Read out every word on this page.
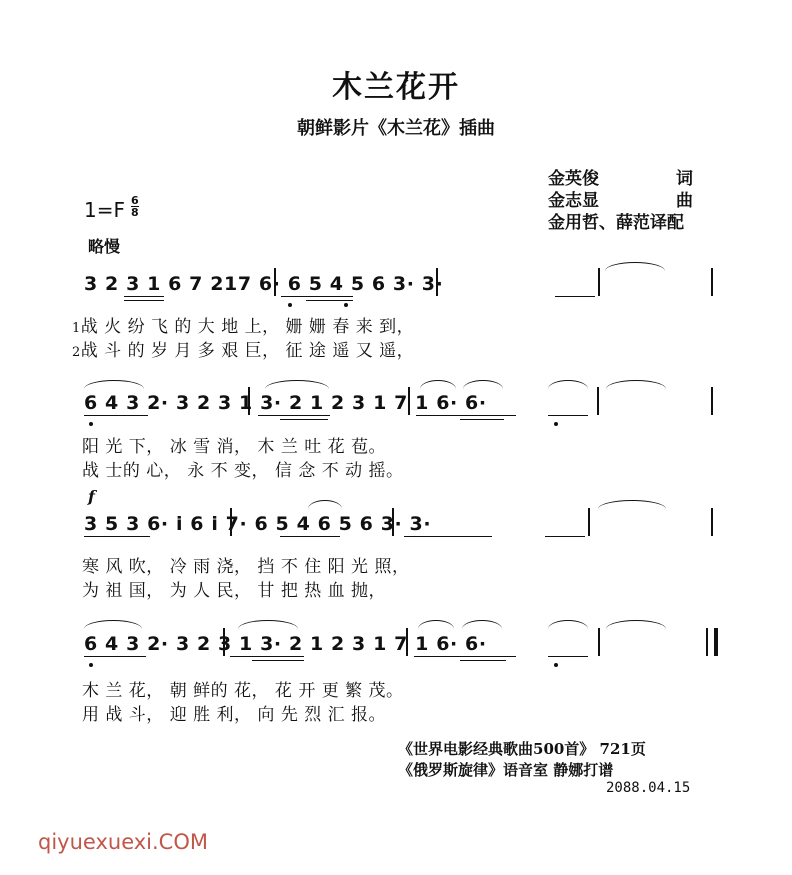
木兰花开
朝鲜影片《木兰花》插曲
金英俊	词
金志显	曲
金用哲、薛范译配
$1=F \frac{6}{8}$
略慢
3 2 3 1 6 7 217 6· 6 5 4 5 6 3· 3·
1战 火 纷 飞 的 大 地 上， 姗 姗 春 来 到，
2战 斗 的 岁 月 多 艰 巨， 征 途 遥 又 遥，
6 4 3 2· 3 2 3 1 3· 2 1 2 3 1 7 1 6· 6·
阳 光 下， 冰 雪 消， 木 兰 吐 花 苞。
战 士的 心， 永 不 变， 信 念 不 动 摇。
f
3 5 3 6· i 6 i 7· 6 5 4 6 5 6 3· 3·
寒 风 吹， 冷 雨 浇， 挡 不 住 阳 光 照，
为 祖 国， 为 人 民， 甘 把 热 血 抛，
6 4 3 2· 3 2 3 1 3· 2 1 2 3 1 7 1 6· 6·
木 兰 花， 朝 鲜的 花， 花 开 更 繁 茂。
用 战 斗， 迎 胜 利， 向 先 烈 汇 报。
《世界电影经典歌曲500首》 721页
《俄罗斯旋律》语音室 静娜打谱
2088.04.15
qiyuexuexi.COM
